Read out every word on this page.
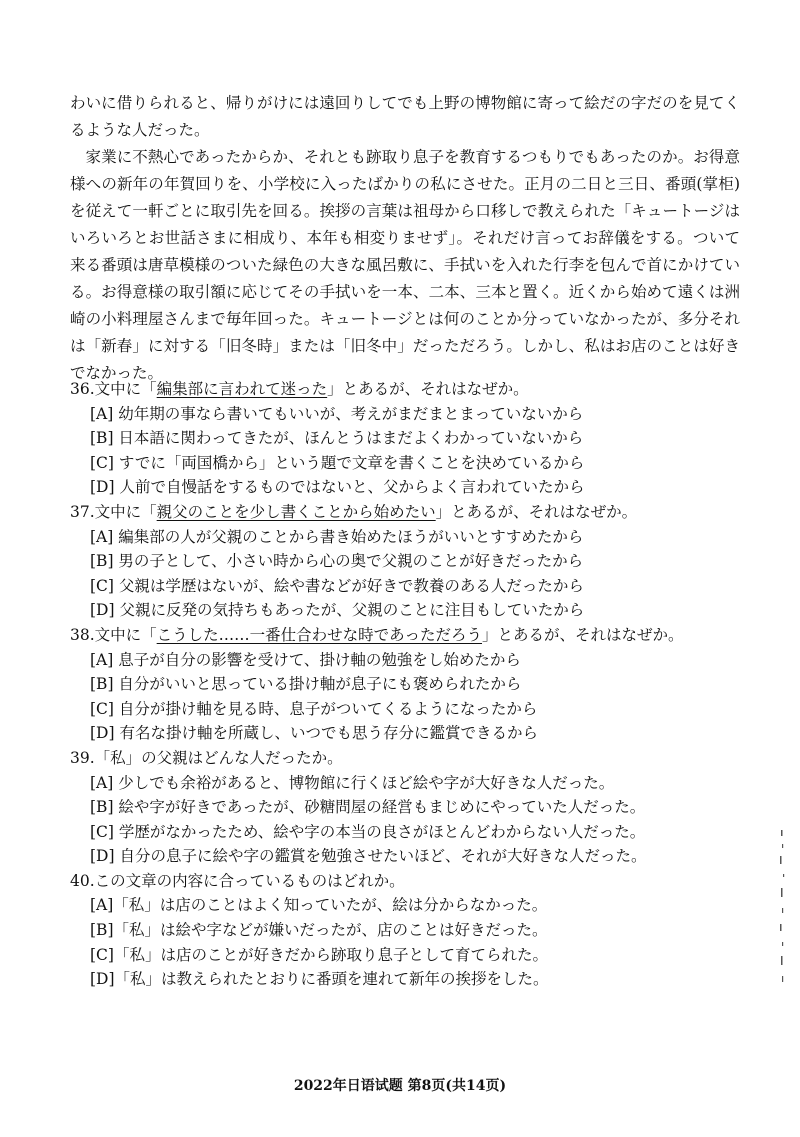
わいに借りられると、帰りがけには遠回りしてでも上野の博物館に寄って絵だの字だのを見てくるような人だった。

家業に不熱心であったからか、それとも跡取り息子を教育するつもりでもあったのか。お得意様への新年の年賀回りを、小学校に入ったばかりの私にさせた。正月の二日と三日、番頭(掌柜)を従えて一軒ごとに取引先を回る。挨拶の言葉は祖母から口移しで教えられた「キュートージはいろいろとお世話さまに相成り、本年も相変りませず」。それだけ言ってお辞儀をする。ついて来る番頭は唐草模様のついた緑色の大きな風呂敷に、手拭いを入れた行李を包んで首にかけている。お得意様の取引額に応じてその手拭いを一本、二本、三本と置く。近くから始めて遠くは洲崎の小料理屋さんまで毎年回った。キュートージとは何のことか分っていなかったが、多分それは「新春」に対する「旧冬時」または「旧冬中」だっただろう。しかし、私はお店のことは好きでなかった。

36.文中に「編集部に言われて迷った」とあるが、それはなぜか。
[A] 幼年期の事なら書いてもいいが、考えがまだまとまっていないから
[B] 日本語に関わってきたが、ほんとうはまだよくわかっていないから
[C] すでに「両国橋から」という題で文章を書くことを決めているから
[D] 人前で自慢話をするものではないと、父からよく言われていたから
37.文中に「親父のことを少し書くことから始めたい」とあるが、それはなぜか。
[A] 編集部の人が父親のことから書き始めたほうがいいとすすめたから
[B] 男の子として、小さい時から心の奥で父親のことが好きだったから
[C] 父親は学歴はないが、絵や書などが好きで教養のある人だったから
[D] 父親に反発の気持ちもあったが、父親のことに注目もしていたから
38.文中に「こうした……一番仕合わせな時であっただろう」とあるが、それはなぜか。
[A] 息子が自分の影響を受けて、掛け軸の勉強をし始めたから
[B] 自分がいいと思っている掛け軸が息子にも褒められたから
[C] 自分が掛け軸を見る時、息子がついてくるようになったから
[D] 有名な掛け軸を所蔵し、いつでも思う存分に鑑賞できるから
39.「私」の父親はどんな人だったか。
[A] 少しでも余裕があると、博物館に行くほど絵や字が大好きな人だった。
[B] 絵や字が好きであったが、砂糖問屋の経営もまじめにやっていた人だった。
[C] 学歴がなかったため、絵や字の本当の良さがほとんどわからない人だった。
[D] 自分の息子に絵や字の鑑賞を勉強させたいほど、それが大好きな人だった。
40.この文章の内容に合っているものはどれか。
[A]「私」は店のことはよく知っていたが、絵は分からなかった。
[B]「私」は絵や字などが嫌いだったが、店のことは好きだった。
[C]「私」は店のことが好きだから跡取り息子として育てられた。
[D]「私」は教えられたとおりに番頭を連れて新年の挨拶をした。
2022年日语试题 第8页(共14页)
